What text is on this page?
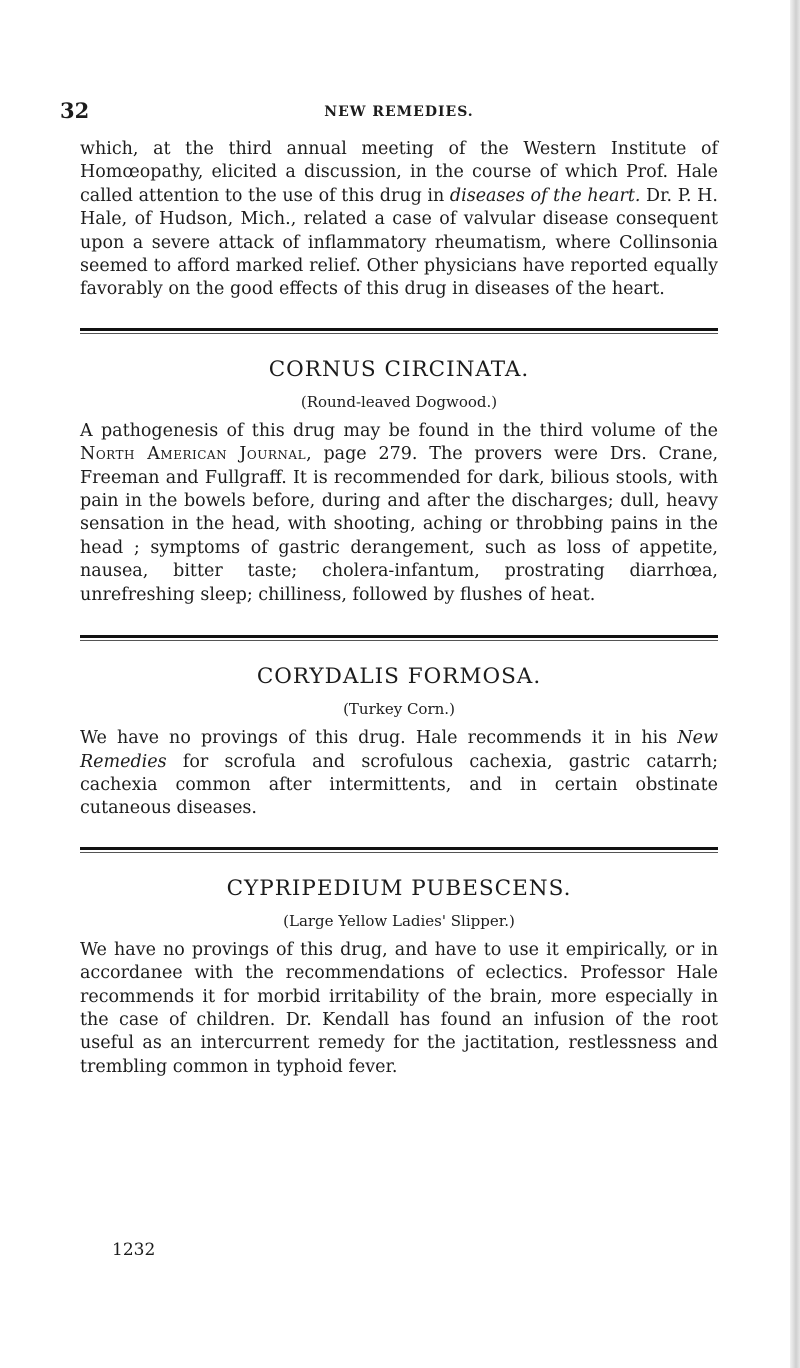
32	NEW REMEDIES.

which, at the third annual meeting of the Western Institute of Homœopathy, elicited a discussion, in the course of which Prof. Hale called attention to the use of this drug in diseases of the heart. Dr. P. H. Hale, of Hudson, Mich., related a case of valvular disease consequent upon a severe attack of inflammatory rheumatism, where Collinsonia seemed to afford marked relief. Other physicians have reported equally favorably on the good effects of this drug in diseases of the heart.

CORNUS CIRCINATA.
(Round-leaved Dogwood.)

A pathogenesis of this drug may be found in the third volume of the North American Journal, page 279. The provers were Drs. Crane, Freeman and Fullgraff. It is recommended for dark, bilious stools, with pain in the bowels before, during and after the discharges; dull, heavy sensation in the head, with shooting, aching or throbbing pains in the head ; symptoms of gastric derangement, such as loss of appetite, nausea, bitter taste; cholera-infantum, prostrating diarrhœa, unrefreshing sleep; chilliness, followed by flushes of heat.

CORYDALIS FORMOSA.
(Turkey Corn.)

We have no provings of this drug. Hale recommends it in his New Remedies for scrofula and scrofulous cachexia, gastric catarrh; cachexia common after intermittents, and in certain obstinate cutaneous diseases.

CYPRIPEDIUM PUBESCENS.
(Large Yellow Ladies' Slipper.)

We have no provings of this drug, and have to use it empirically, or in accordanee with the recommendations of eclectics. Professor Hale recommends it for morbid irritability of the brain, more especially in the case of children. Dr. Kendall has found an infusion of the root useful as an intercurrent remedy for the jactitation, restlessness and trembling common in typhoid fever.

1232
